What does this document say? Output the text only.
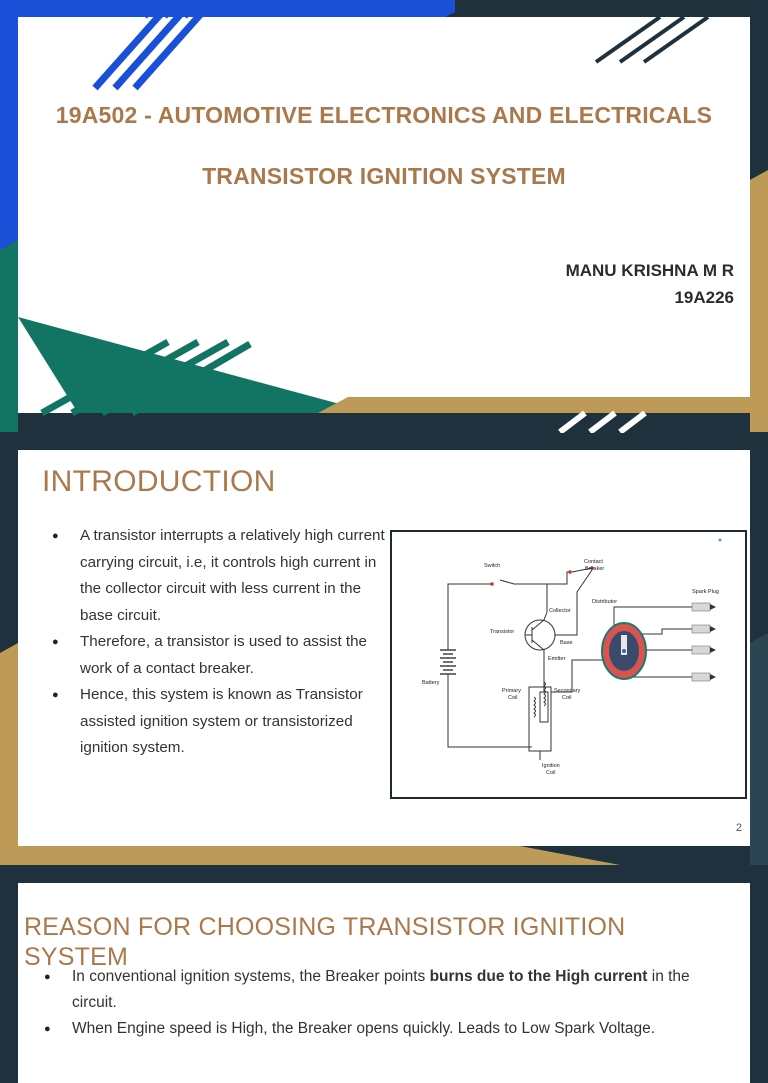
19A502 - AUTOMOTIVE ELECTRONICS AND ELECTRICALS
TRANSISTOR IGNITION SYSTEM
MANU KRISHNA M R
19A226
INTRODUCTION
● A transistor interrupts a relatively high current carrying circuit, i.e, it controls high current in the collector circuit with less current in the base circuit.
● Therefore, a transistor is used to assist the work of a contact breaker.
● Hence, this system is known as Transistor assisted ignition system or transistorized ignition system.
Switch
Contact
Breaker
Collector
Distributor
Spark Plug
Transistor
Base
Emitter
Battery
Primary
Coil
Secondary
Coil
Ignition
Coil
2
REASON FOR CHOOSING TRANSISTOR IGNITION SYSTEM
● In conventional ignition systems, the Breaker points burns due to the High current in the circuit.
● When Engine speed is High, the Breaker opens quickly. Leads to Low Spark Voltage.
